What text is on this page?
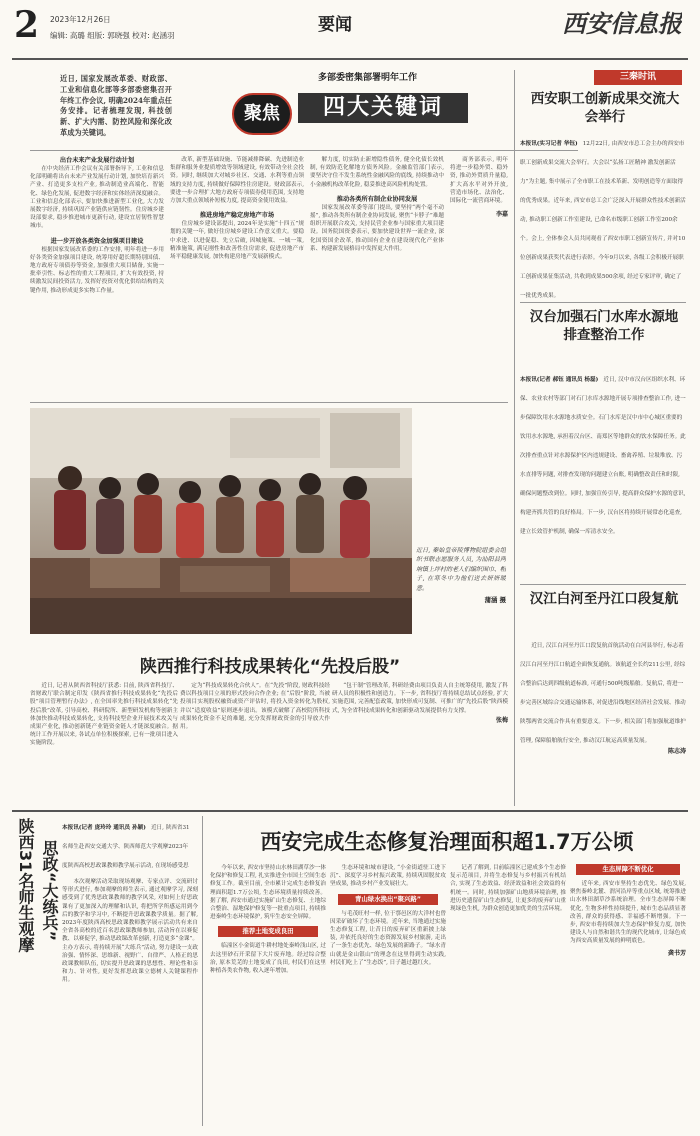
2 2023年12月26日
编辑: 高璐 组版: 郭晓强 校对: 赵涵羽
要闻	西安信息报
近日, 国家发展改革委、财政部、工业和信息化部等多部委密集召开年终工作会议, 明确2024年重点任务安排。记者梳理发现, 科技创新、扩大内需、防控风险和深化改革成为关键词。
多部委密集部署明年工作
聚焦	四大关键词
出台未来产业发展行动计划
　　在中央经济工作会议有关部署指导下, 工业和信息化部明确将出台未来产业发展行动计划, 加快培育新兴产业、打造更多支柱产业, 推动制造业高端化、智能化、绿色化发展, 促进数字经济和实体经济深度融合。工业和信息化部表示, 要加快推进新型工业化, 大力发展数字经济, 持续巩固产业链供应链韧性。住房城乡建设部要求, 稳步推进城市更新行动, 建设宜居韧性智慧城市。
进一步开放各类资金加强项目建设
　　根据国家发展改革委的工作安排, 明年将进一步用好各类资金加强项目建设, 统筹用好超长期特别国债、地方政府专项债券等资金, 加强重大项目储备, 实施一批牵引性、标志性的重大工程项目, 扩大有效投资, 持续激发民间投资活力, 发挥好投资对优化供给结构的关键作用, 推动形成更多实物工作量。
　　改革, 新型基础设施、节能减排降碳、先进制造业集群和服务业提质增效等领域建设, 有效带动全社会投资。同时, 继续加大对城乡社区、交通、水利等重点领域的支持力度, 持续做好保障性住房建设。财政部表示, 要进一步合理扩大地方政府专项债券使用范围, 支持地方加大重点领域补短板力度, 提高资金使用效益。
推进房地产稳定房地产市场
　　住房城乡建设部提出, 2024年是实施“十四五”规划的关键一年, 做好住房城乡建设工作意义重大。要稳中求进、以进促稳、先立后破, 因城施策、一城一策, 精准施策, 满足刚性和改善性住房需求, 促进房地产市场平稳健康发展, 加快构建房地产发展新模式。
　　解力度, 切实防止新增隐性债务, 健全化债长效机制, 有效防范化解地方债务风险。金融监管部门表示, 要坚决守住不发生系统性金融风险的底线, 持续推动中小金融机构改革化险, 稳妥推进高风险机构处置。
推动各类所有制企业协同发展
　　国家发展改革委等部门提出, 要坚持“两个毫不动摇”, 推动各类所有制企业协同发展, 聚焦“卡脖子”难题组织开展联合攻关, 支持民营企业参与国家重大项目建设。国务院国资委表示, 要加快建设世界一流企业, 深化国资国企改革, 推动国有企业在建设现代化产业体系、构建新发展格局中发挥更大作用。
　　商务部表示, 明年将进一步稳外贸、稳外资, 推动外贸质升量稳, 扩大高水平对外开放, 营造市场化、法治化、国际化一流营商环境。
李嘉
近日, 秦始皇帝陵博物院组委会组织书联志愿服务人员, 为汕阳县两垧镇上坪村的老人们编织围巾、帽子, 在寒冬中为他们送去妍妍暖意。
蒲涵 摄
陕西推行科技成果转化“先投后股”
　　近日, 记者从陕西省科技厅获悉: 目前, 陕西省科技厅、省财政厅联合制定印发《陕西省推行科技成果转化“先投后股”项目管理暂行办法》, 在全国率先推行科技成果转化“先投后股”改革, 引导高校、科研院所、新型研发机构等创新主体加快推动科技成果转化, 支持科技型企业开展技术攻关与成果产业化, 推动创新链产业链资金链人才链深度融合。据统计工作开展以来, 各试点单位积极探索, 已有一批项目进入实施阶段。
　　定为“科技成果转化合伙人”。在“先投”阶段, 财政科技经费以科技项目立项的形式投向合作企业; 在“后股”阶段, 当被投项目实现股权融资或资产评估时, 将投入资金转化为股权, 并以“适度收益”原则逐步退出。该模式破解了高校院所科技成果转化资金不足的难题, 充分发挥财政资金的引导放大作用。
　　“包干制”管理改革, 科研经费由项目负责人自主统筹使用, 激发了科研人员的积极性和创造力。下一步, 省科技厅将持续总结试点经验, 扩大实施范围, 完善配套政策, 加快形成可复制、可推广的“先投后股”陕西模式, 为全省科技成果转化和创新驱动发展提供有力支撑。
张梅
三秦时讯
西安职工创新成果交流大会举行
本报讯(实习记者 华钰) 12月22日, 由西安市总工会主办的西安市职工创新成果交流大会举行。大会以“弘扬工匠精神 激发创新活力”为主题, 集中展示了全市职工在技术革新、发明创造等方面取得的优秀成果。近年来, 西安市总工会广泛深入开展群众性技术创新活动, 推动职工创新工作室建设, 已命名市级职工创新工作室200余个。会上, 全体参会人员共同观看了西安市职工创新宣传片, 并对10位创新成果获奖代表进行表彰。今年9月以来, 各级工会积极开展职工创新成果征集活动, 共收到成果500余项, 经过专家评审, 确定了一批优秀成果。
汉台加强石门水库水源地排查整治工作
本报讯(记者 郝钰 通讯员 杨磊) 近日, 汉中市汉台区组织水利、环保、农业农村等部门对石门水库水源地开展专项排查整治工作, 进一步保障饮用水水源地水质安全。石门水库是汉中市中心城区重要的饮用水水源地, 承担着汉台区、南郑区等地群众的饮水保障任务。此次排查重点针对水源保护区内违规建设、畜禽养殖、垃圾堆放、污水直排等问题, 对排查发现的问题建立台账, 明确整改责任和时限, 确保问题整改到位。同时, 加强宣传引导, 提高群众保护水源的意识, 构建齐抓共管的良好格局。下一步, 汉台区将持续开展常态化巡查, 建立长效管护机制, 确保一库清水安全。
汉江白河至丹江口段复航
　　近日, 汉江白河至丹江口段复航首航活动在白河县举行, 标志着汉江白河至丹江口航道全面恢复通航。该航道全长约211公里, 经综合整治后达到四级航道标准, 可通行500吨级船舶。复航后, 将进一步完善区域综合交通运输体系, 对促进沿线地区经济社会发展、推动陕鄂两省交流合作具有重要意义。下一步, 相关部门将加强航道维护管理, 保障船舶航行安全, 推动汉江航运高质量发展。
陈志涛
本报讯(记者 庞玲玲 通讯员 孙颖) 近日, 陕西省31名师生赴西安交通大学、陕西师范大学观摩2023年度陕西高校思政课教师教学展示活动, 在现场感受思
陕西31名师生观摩 思政“大练兵” 　　本次观摩活动采取现场观摩、专家点评、交流研讨等形式进行, 参加观摩的师生表示, 通过观摩学习, 深刻感受到了优秀思政课教师的教学风采, 对如何上好思政课有了更加深入的理解和认识, 将把所学所感运用到今后的教学和学习中, 不断提升思政课教学质量。据了解, 2023年度陕西高校思政课教师教学展示活动共有来自全省各高校的近百名思政课教师参加, 活动旨在以赛促教、以赛促学, 推动思政课改革创新, 打造更多“金课”。主办方表示, 将持续开展“大练兵”活动, 努力建设一支政治强、情怀深、思维新、视野广、自律严、人格正的思政课教师队伍, 切实提升思政课的思想性、理论性和亲和力、针对性, 更好发挥思政课立德树人关键课程作用。
西安完成生态修复治理面积超1.7万公顷
　　今年以来, 西安市坚持山水林田湖草沙一体化保护和修复工程, 扎实推进全市国土空间生态修复工作。截至目前, 全市累计完成生态修复治理面积超1.7万公顷, 生态环境质量持续改善。据了解, 西安市通过实施矿山生态修复、土地综合整治、湿地保护修复等一批重点项目, 持续推进秦岭生态环境保护, 筑牢生态安全屏障。
推荐土地变成良田
　　临潼区小金街道牛耕村地处秦岭浅山区, 过去这里砂石开采留下大片废弃地。经过综合整治, 原本荒芜的土地变成了良田, 村民们在这里种植各类农作物, 收入逐年增加。
　　生态环境和城市建设, “小金街道驻工进下沉”、深度学习乡村振兴政策, 持续巩固脱贫攻坚成果, 推动乡村产业发展壮大。
青山绿水换出“聚兴路”
　　与毛茂旺村一样, 位于鄠邑区的大洋村也曾因采矿破坏了生态环境。近年来, 当地通过实施生态修复工程, 让昔日的废弃矿区重新披上绿装, 并依托良好的生态资源发展乡村旅游, 走出了一条生态优先、绿色发展的新路子。“绿水青山就是金山银山”的理念在这里得到生动实践, 村民们吃上了“生态饭”, 日子越过越红火。
　　记者了解到, 目前临潼区已建成多个生态修复示范项目, 并将生态修复与乡村振兴有机结合, 实现了生态效益、经济效益和社会效益的有机统一。同时, 持续加强矿山地质环境治理, 推进历史遗留矿山生态修复, 让更多的废弃矿山重现绿色生机, 为群众创造更加优美的生活环境。
生态屏障不断优化
　　近年来, 西安市坚持生态优先、绿色发展, 聚焦秦岭北麓、渭河沿岸等重点区域, 统筹推进山水林田湖草沙系统治理。全市生态屏障不断优化, 生物多样性持续提升, 城市生态品质显著改善, 群众的获得感、幸福感不断增强。下一步, 西安市将持续加大生态保护修复力度, 加快建设人与自然和谐共生的现代化城市, 让绿色成为西安高质量发展的鲜明底色。
龚书芳
